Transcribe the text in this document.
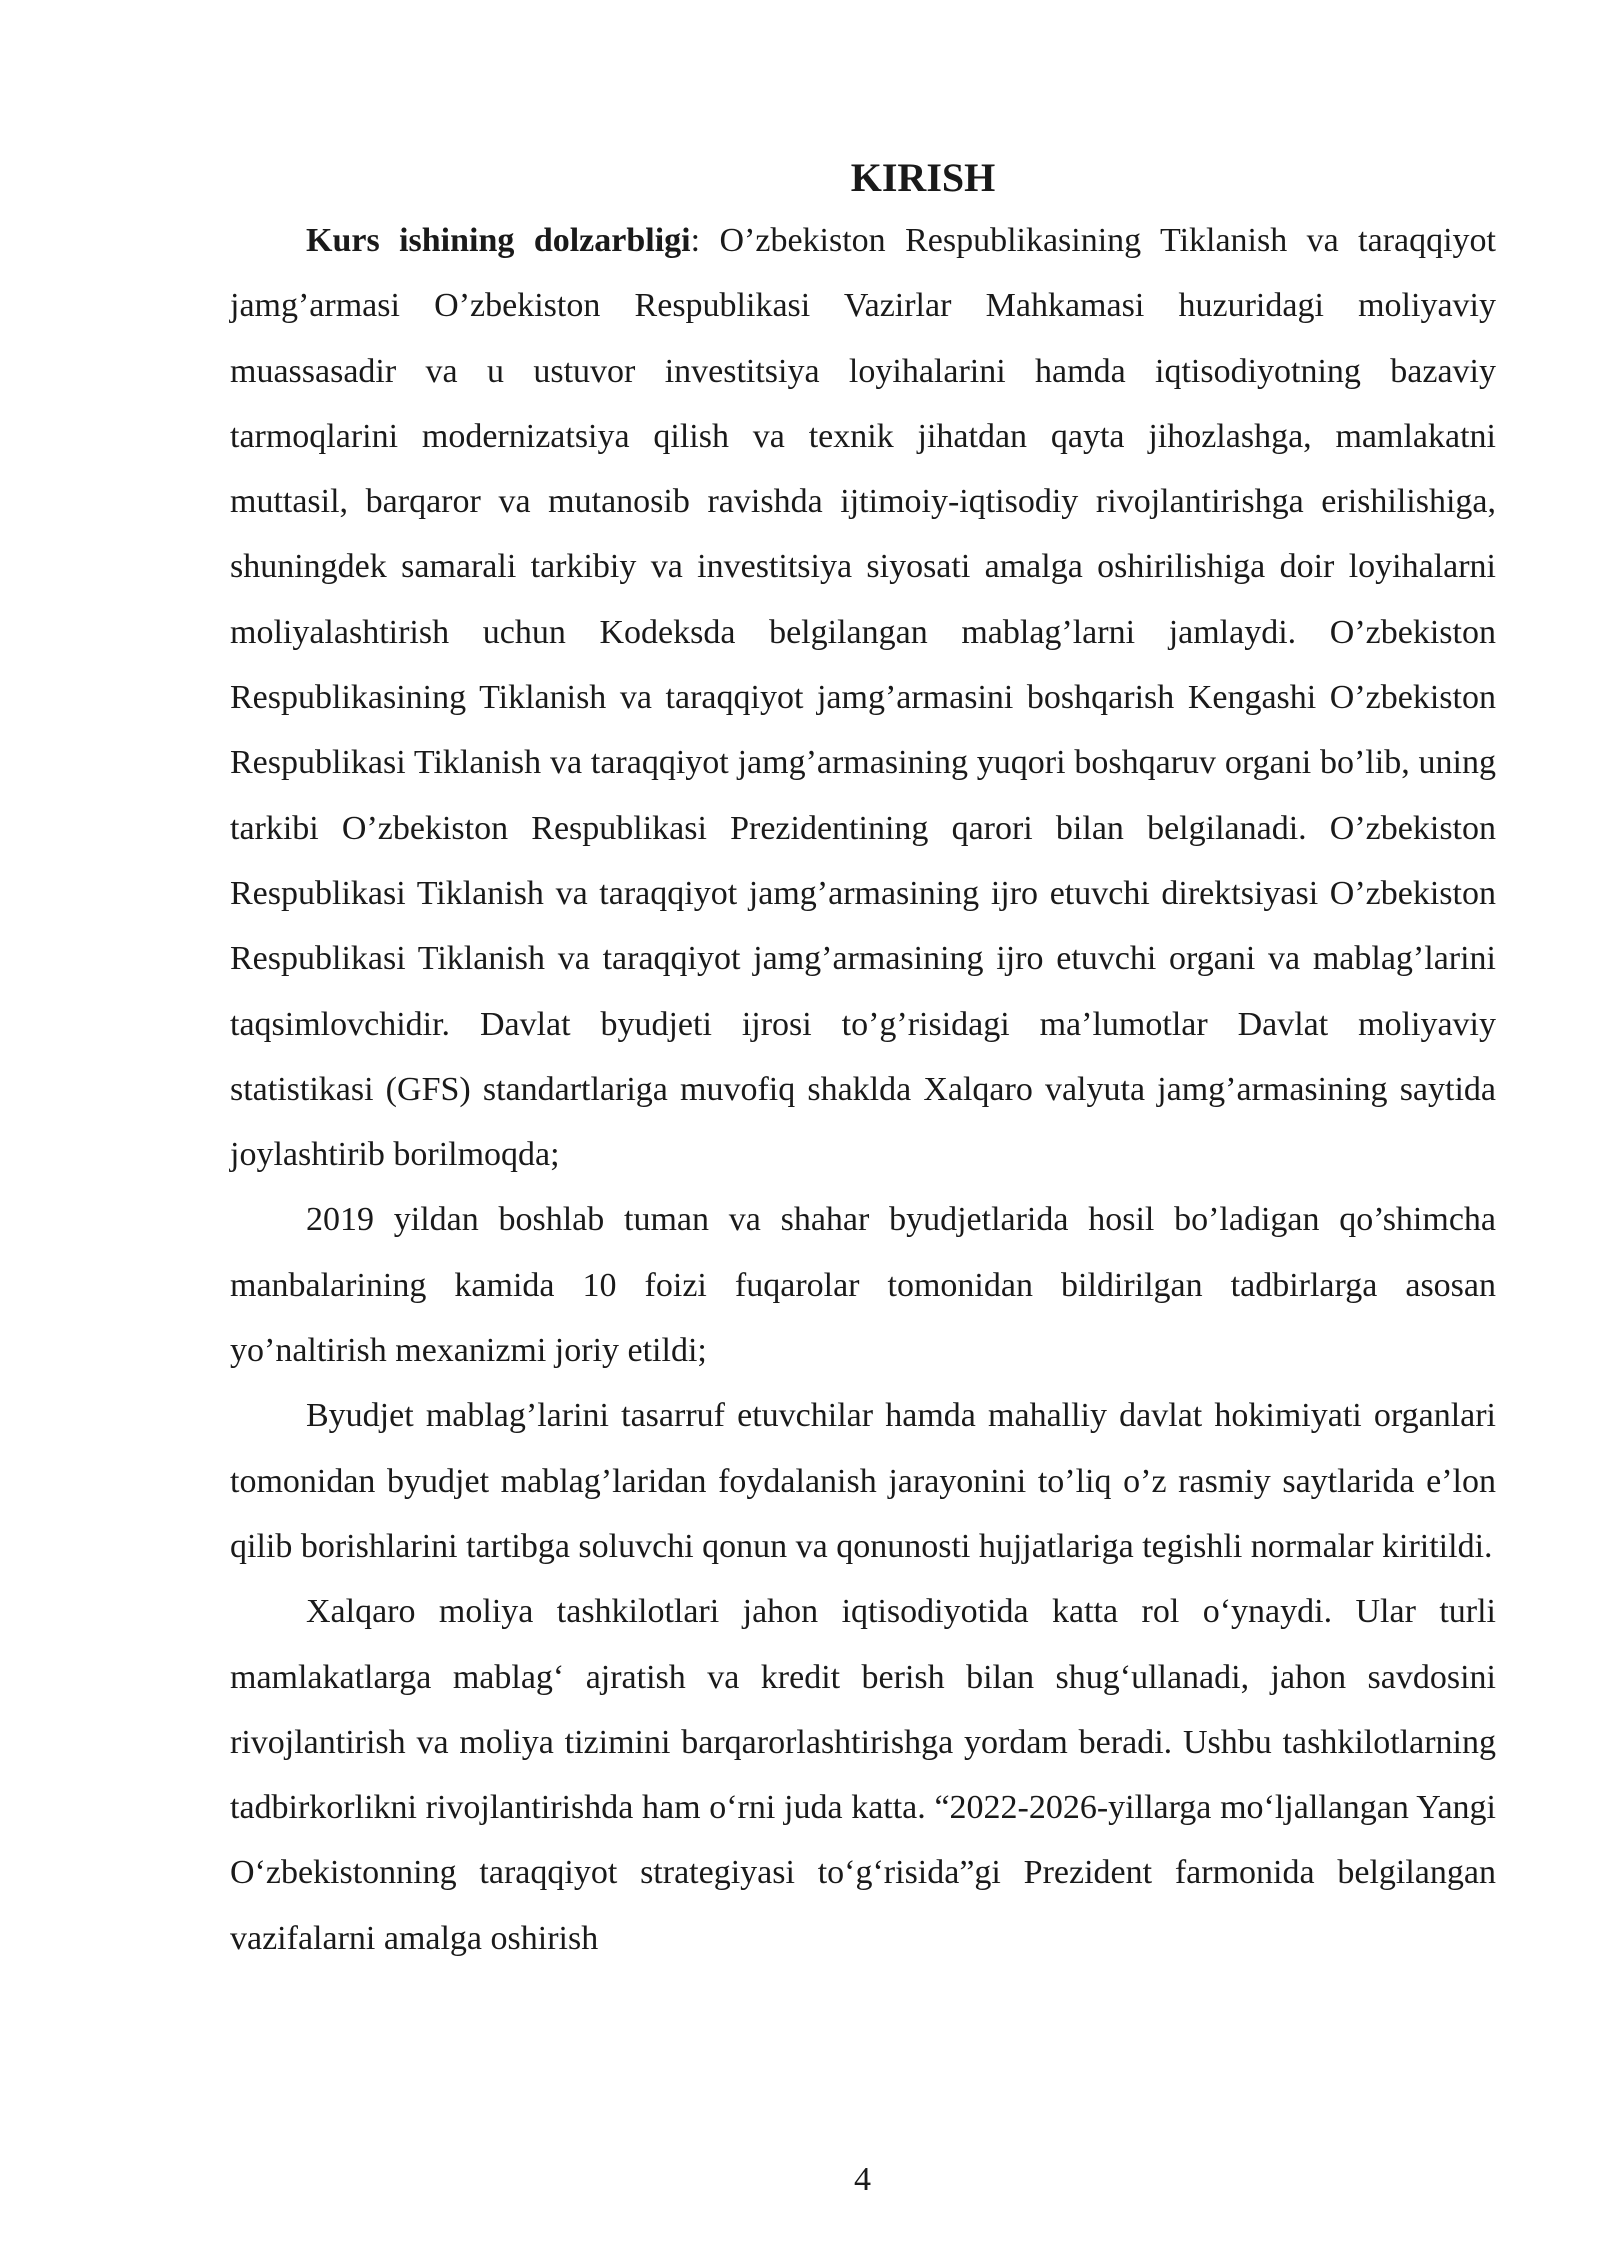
KIRISH

Kurs ishining dolzarbligi: O’zbekiston Respublikasining Tiklanish va taraqqiyot jamg’armasi O’zbekiston Respublikasi Vazirlar Mahkamasi huzuridagi moliyaviy muassasadir va u ustuvor investitsiya loyihalarini hamda iqtisodiyotning bazaviy tarmoqlarini modernizatsiya qilish va texnik jihatdan qayta jihozlashga, mamlakatni muttasil, barqaror va mutanosib ravishda ijtimoiy-iqtisodiy rivojlantirishga erishilishiga, shuningdek samarali tarkibiy va investitsiya siyosati amalga oshirilishiga doir loyihalarni moliyalashtirish uchun Kodeksda belgilangan mablag’larni jamlaydi. O’zbekiston Respublikasining Tiklanish va taraqqiyot jamg’armasini boshqarish Kengashi O’zbekiston Respublikasi Tiklanish va taraqqiyot jamg’armasining yuqori boshqaruv organi bo’lib, uning tarkibi O’zbekiston Respublikasi Prezidentining qarori bilan belgilanadi. O’zbekiston Respublikasi Tiklanish va taraqqiyot jamg’armasining ijro etuvchi direktsiyasi O’zbekiston Respublikasi Tiklanish va taraqqiyot jamg’armasining ijro etuvchi organi va mablag’larini taqsimlovchidir. Davlat byudjeti ijrosi to’g’risidagi ma’lumotlar Davlat moliyaviy statistikasi (GFS) standartlariga muvofiq shaklda Xalqaro valyuta jamg’armasining saytida joylashtirib borilmoqda;

2019 yildan boshlab tuman va shahar byudjetlarida hosil bo’ladigan qo’shimcha manbalarining kamida 10 foizi fuqarolar tomonidan bildirilgan tadbirlarga asosan yo’naltirish mexanizmi joriy etildi;

Byudjet mablag’larini tasarruf etuvchilar hamda mahalliy davlat hokimiyati organlari tomonidan byudjet mablag’laridan foydalanish jarayonini to’liq o’z rasmiy saytlarida e’lon qilib borishlarini tartibga soluvchi qonun va qonunosti hujjatlariga tegishli normalar kiritildi.

Xalqaro moliya tashkilotlari jahon iqtisodiyotida katta rol o‘ynaydi. Ular turli mamlakatlarga mablag‘ ajratish va kredit berish bilan shug‘ullanadi, jahon savdosini rivojlantirish va moliya tizimini barqarorlashtirishga yordam beradi. Ushbu tashkilotlarning tadbirkorlikni rivojlantirishda ham o‘rni juda katta. “2022-2026-yillarga mo‘ljallangan Yangi O‘zbekistonning taraqqiyot strategiyasi to‘g‘risida”gi Prezident farmonida belgilangan vazifalarni amalga oshirish

4
